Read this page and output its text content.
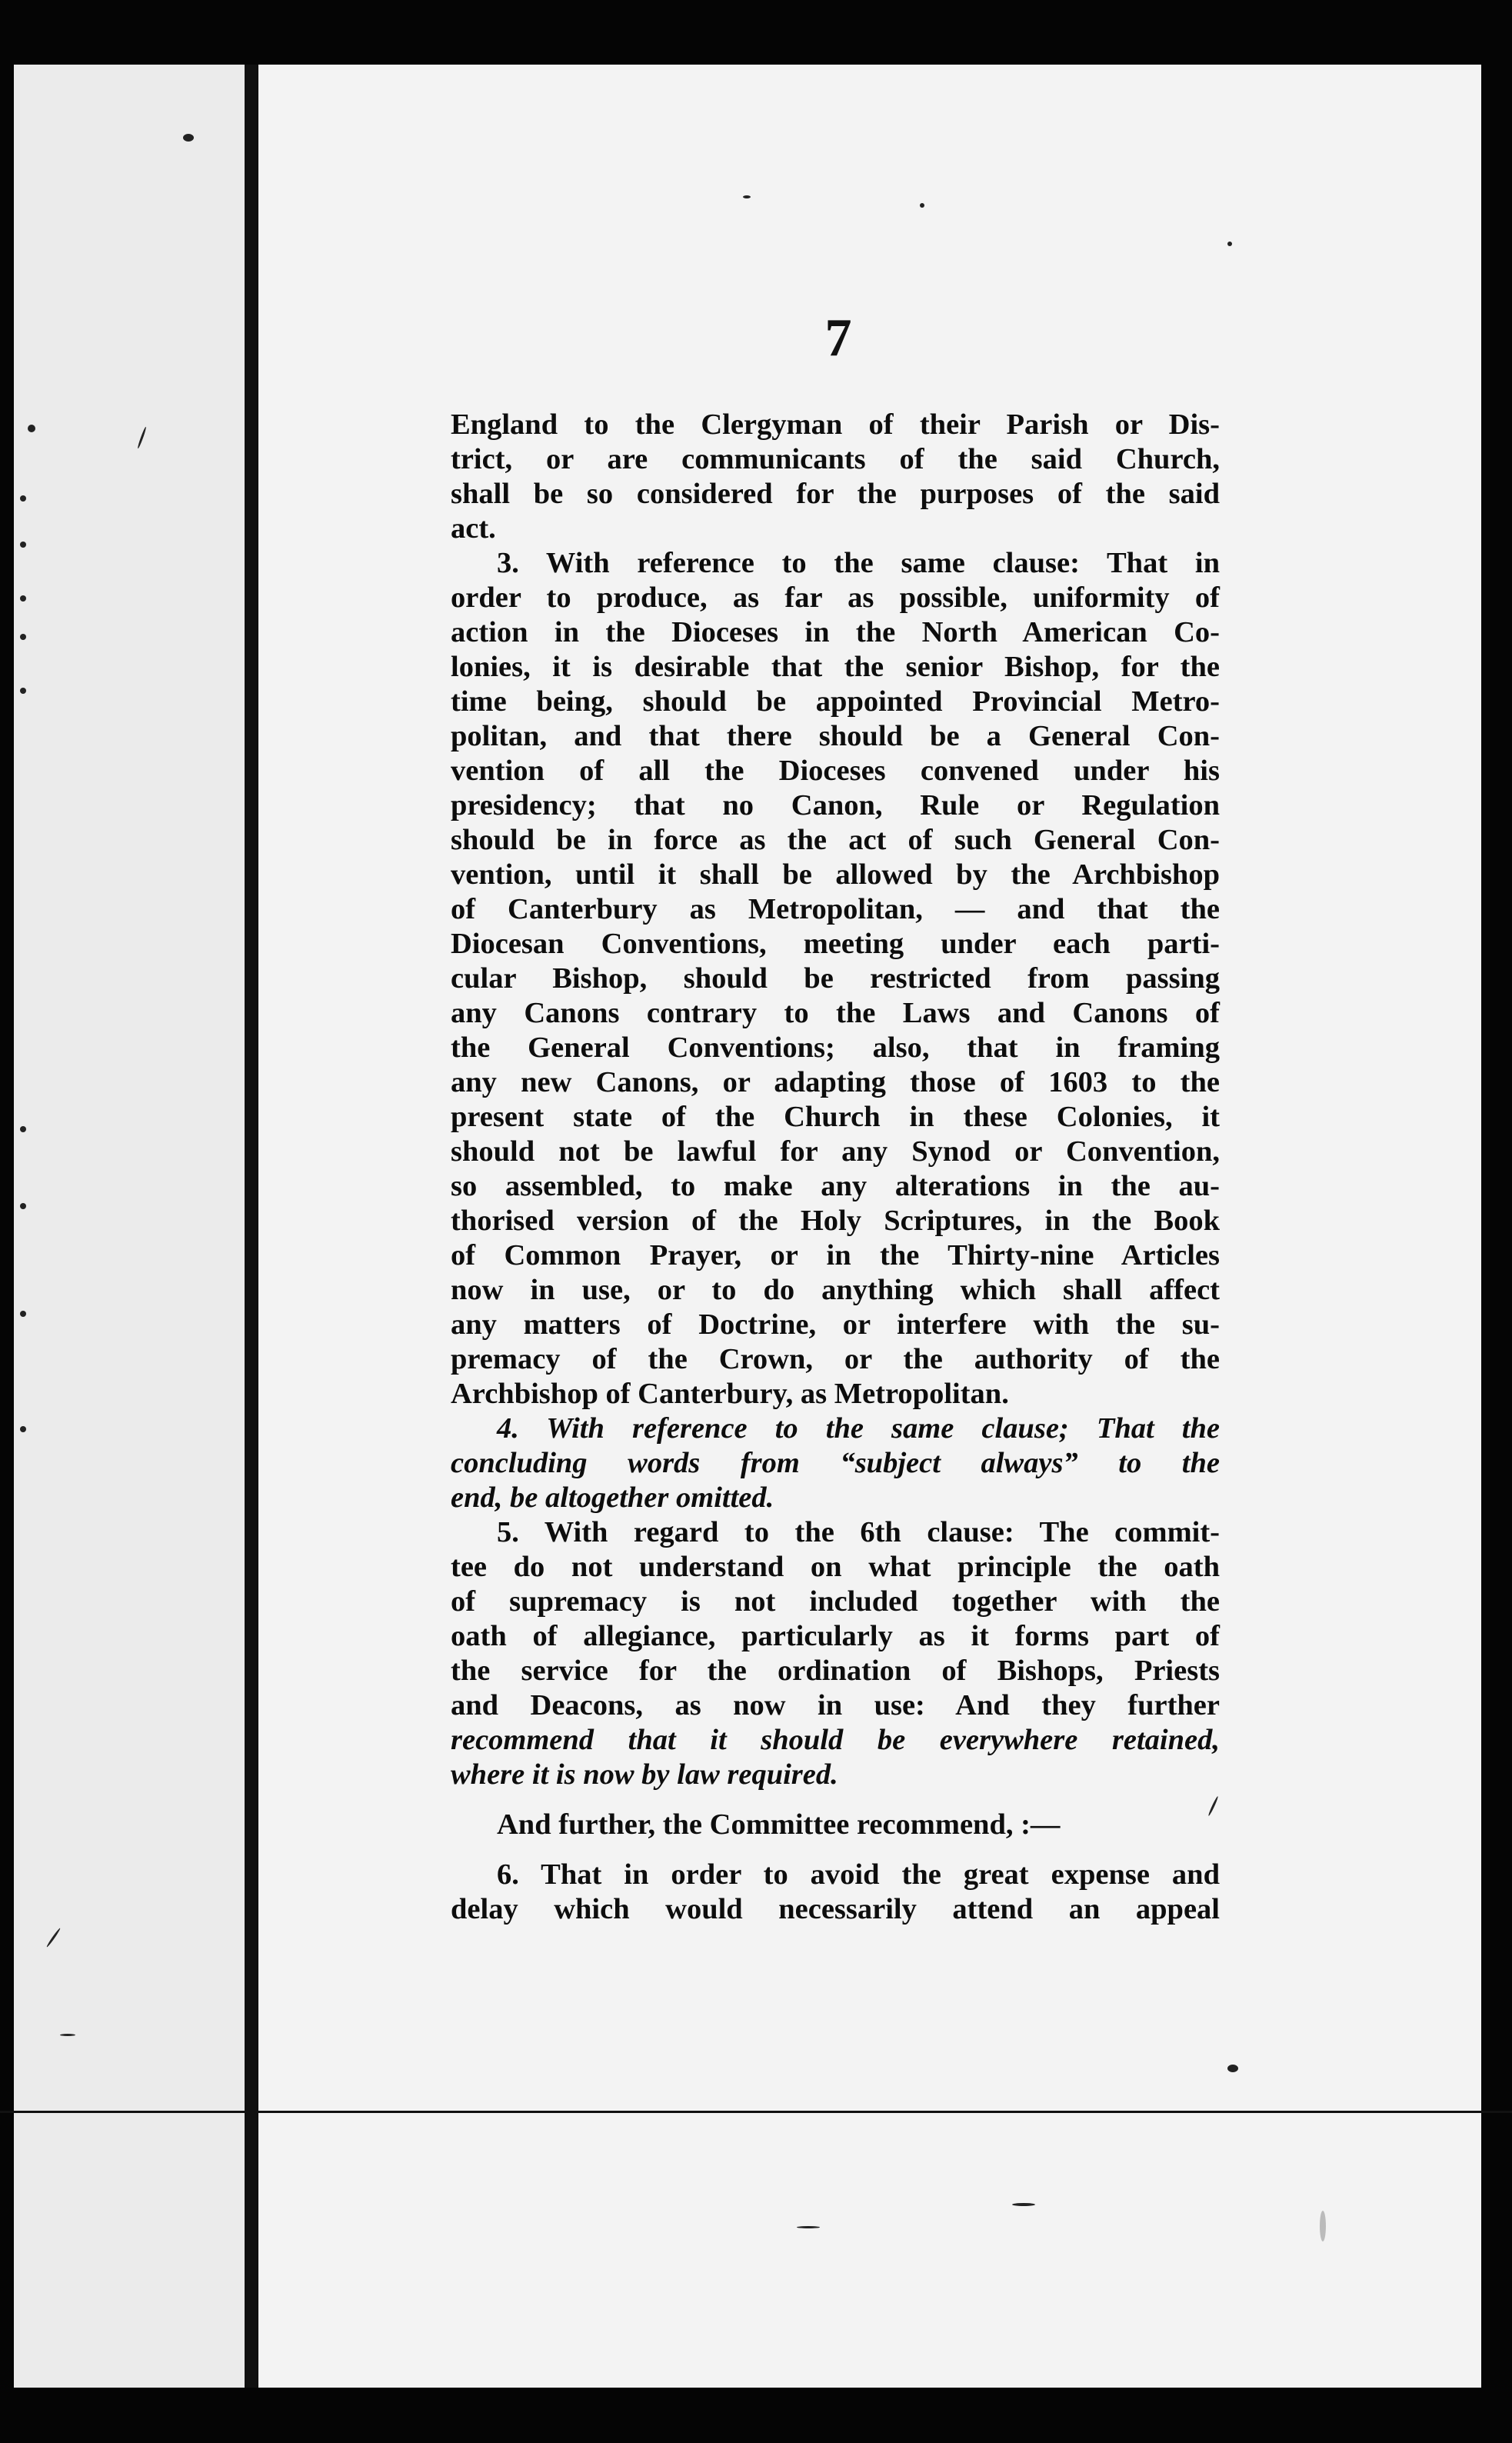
7
England to the Clergyman of their Parish or Dis-
trict, or are communicants of the said Church,
shall be so considered for the purposes of the said
act.
3. With reference to the same clause: That in
order to produce, as far as possible, uniformity of
action in the Dioceses in the North American Co-
lonies, it is desirable that the senior Bishop, for the
time being, should be appointed Provincial Metro-
politan, and that there should be a General Con-
vention of all the Dioceses convened under his
presidency; that no Canon, Rule or Regulation
should be in force as the act of such General Con-
vention, until it shall be allowed by the Archbishop
of Canterbury as Metropolitan, — and that the
Diocesan Conventions, meeting under each parti-
cular Bishop, should be restricted from passing
any Canons contrary to the Laws and Canons of
the General Conventions; also, that in framing
any new Canons, or adapting those of 1603 to the
present state of the Church in these Colonies, it
should not be lawful for any Synod or Convention,
so assembled, to make any alterations in the au-
thorised version of the Holy Scriptures, in the Book
of Common Prayer, or in the Thirty-nine Articles
now in use, or to do anything which shall affect
any matters of Doctrine, or interfere with the su-
premacy of the Crown, or the authority of the
Archbishop of Canterbury, as Metropolitan.
4. With reference to the same clause; That the
concluding words from “subject always” to the
end, be altogether omitted.
5. With regard to the 6th clause: The commit-
tee do not understand on what principle the oath
of supremacy is not included together with the
oath of allegiance, particularly as it forms part of
the service for the ordination of Bishops, Priests
and Deacons, as now in use: And they further
recommend that it should be everywhere retained,
where it is now by law required.
And further, the Committee recommend, :—
6. That in order to avoid the great expense and
delay which would necessarily attend an appeal
